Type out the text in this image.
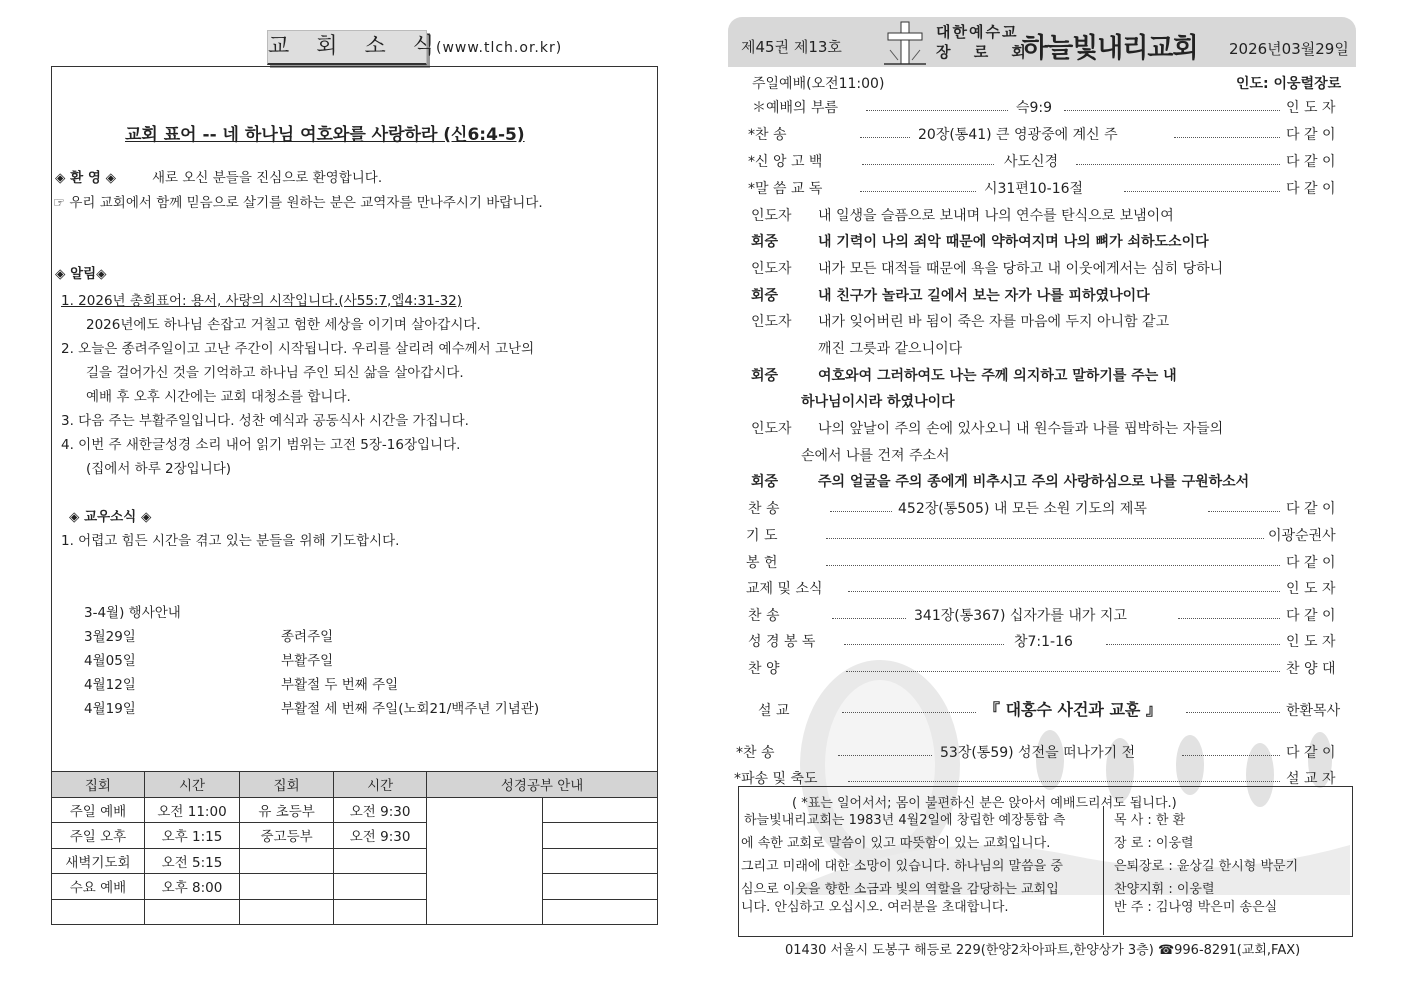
교 회 소 식
(www.tlch.or.kr)
교회 표어 -- 네 하나님 여호와를 사랑하라 (신6:4-5)
◈ 환 영 ◈	새로 오신 분들을 진심으로 환영합니다.
☞ 우리 교회에서 함께 믿음으로 살기를 원하는 분은 교역자를 만나주시기 바랍니다.
◈ 알림◈
1. 2026년 총회표어: 용서, 사랑의 시작입니다.(사55:7,엡4:31-32)
2026년에도 하나님 손잡고 거칠고 험한 세상을 이기며 살아갑시다.
2. 오늘은 종려주일이고 고난 주간이 시작됩니다. 우리를 살리려 예수께서 고난의
길을 걸어가신 것을 기억하고 하나님 주인 되신 삶을 살아갑시다.
예배 후 오후 시간에는 교회 대청소를 합니다.
3. 다음 주는 부활주일입니다. 성찬 예식과 공동식사 시간을 가집니다.
4. 이번 주 새한글성경 소리 내어 읽기 범위는 고전 5장-16장입니다.
(집에서 하루 2장입니다)
◈ 교우소식 ◈
1. 어렵고 힘든 시간을 겪고 있는 분들을 위해 기도합시다.
3-4월) 행사안내
3월29일	종려주일
4월05일	부활주일
4월12일	부활절 두 번째 주일
4월19일	부활절 세 번째 주일(노회21/백주년 기념관)
집회	시간	집회	시간	성경공부 안내	
주일 예배	오전 11:00	유 초등부	오전 9:30		
주일 오후	오후 1:15	중고등부	오전 9:30		
새벽기도회	오전 5:15				
수요 예배	오후 8:00				

제45권 제13호
대한예수교
장 로 회
하늘빛내리교회 2026년03월29일
주일예배(오전11:00)	인도: 이웅렬장로
＊예배의 부름	슥9:9	인 도 자
*찬 송	20장(통41) 큰 영광중에 계신 주	다 같 이
*신 앙 고 백	사도신경	다 같 이
*말 씀 교 독	시31편10-16절	다 같 이
인도자 내 일생을 슬픔으로 보내며 나의 연수를 탄식으로 보냄이여
회중	내 기력이 나의 죄악 때문에 약하여지며 나의 뼈가 쇠하도소이다
인도자 내가 모든 대적들 때문에 욕을 당하고 내 이웃에게서는 심히 당하니
회중	내 친구가 놀라고 길에서 보는 자가 나를 피하였나이다
인도자 내가 잊어버린 바 됨이 죽은 자를 마음에 두지 아니함 같고
깨진 그릇과 같으니이다
회중	여호와여 그러하여도 나는 주께 의지하고 말하기를 주는 내
하나님이시라 하였나이다
인도자 나의 앞날이 주의 손에 있사오니 내 원수들과 나를 핍박하는 자들의
손에서 나를 건져 주소서
회중	주의 얼굴을 주의 종에게 비추시고 주의 사랑하심으로 나를 구원하소서
찬 송	452장(통505) 내 모든 소원 기도의 제목	다 같 이
기 도	이광순권사
봉 헌	다 같 이
교제 및 소식	인 도 자
찬 송	341장(통367) 십자가를 내가 지고	다 같 이
성 경 봉 독	창7:1-16	인 도 자
찬 양	찬 양 대
설 교	『 대홍수 사건과 교훈 』	한환목사
*찬 송	53장(통59) 성전을 떠나가기 전	다 같 이
*파송 및 축도	설 교 자
( *표는 일어서서; 몸이 불편하신 분은 앉아서 예배드리셔도 됩니다.)
하늘빛내리교회는 1983년 4월2일에 창립한 예장통합 측
에 속한 교회로 말씀이 있고 따뜻함이 있는 교회입니다.
그리고 미래에 대한 소망이 있습니다. 하나님의 말씀을 중
심으로 이웃을 향한 소금과 빛의 역할을 감당하는 교회입
니다. 안심하고 오십시오. 여러분을 초대합니다.
목 사 : 한 환
장 로 : 이웅렬
은퇴장로 : 윤상길 한시형 박문기
찬양지휘 : 이웅렬
반 주 : 김나영 박은미 송은실
01430 서울시 도봉구 해등로 229(한양2차아파트,한양상가 3층) ☎996-8291(교회,FAX)
